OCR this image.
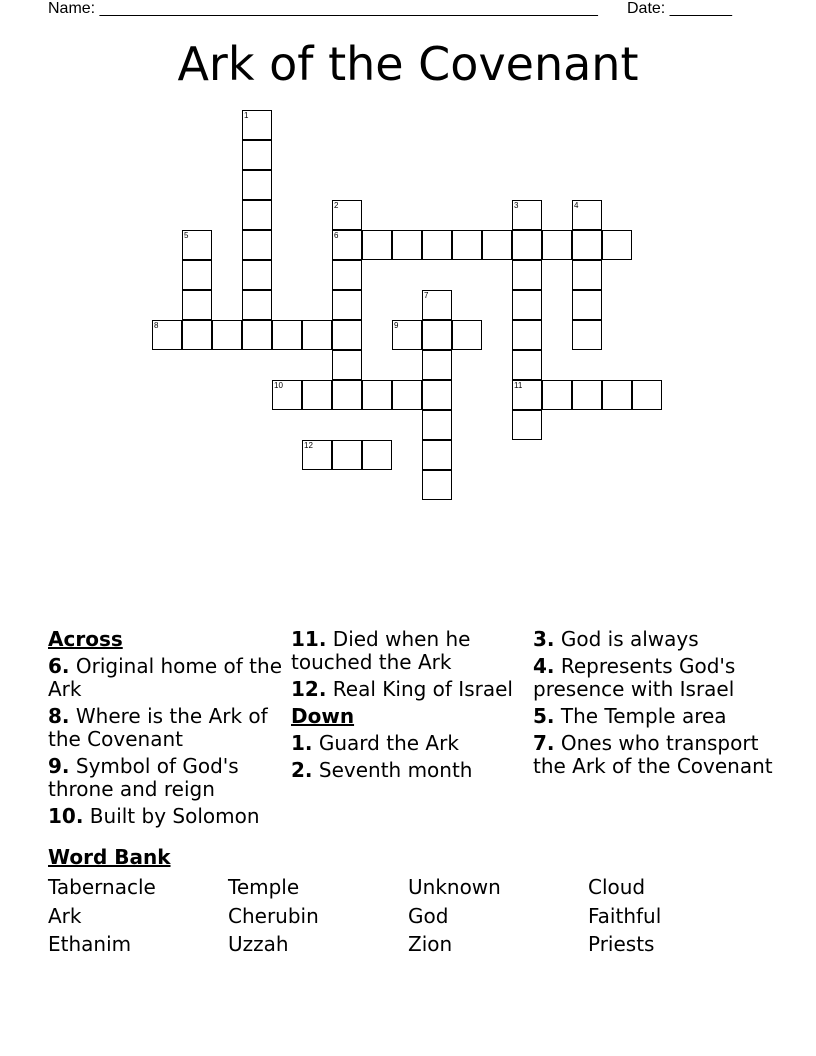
Name: ________________________________________________________ Date: _______
Ark of the Covenant
6
8	9
10	11
12
1
2	3	4
5
7
Across
6. Original home of the Ark
8. Where is the Ark of the Covenant
9. Symbol of God's throne and reign
10. Built by Solomon
11. Died when he touched the Ark
12. Real King of Israel
Down
1. Guard the Ark
2. Seventh month
3. God is always
4. Represents God's presence with Israel
5. The Temple area
7. Ones who transport the Ark of the Covenant
Word Bank
Tabernacle	Temple	Unknown	Cloud
Ark	Cherubin	God	Faithful
Ethanim	Uzzah	Zion	Priests
